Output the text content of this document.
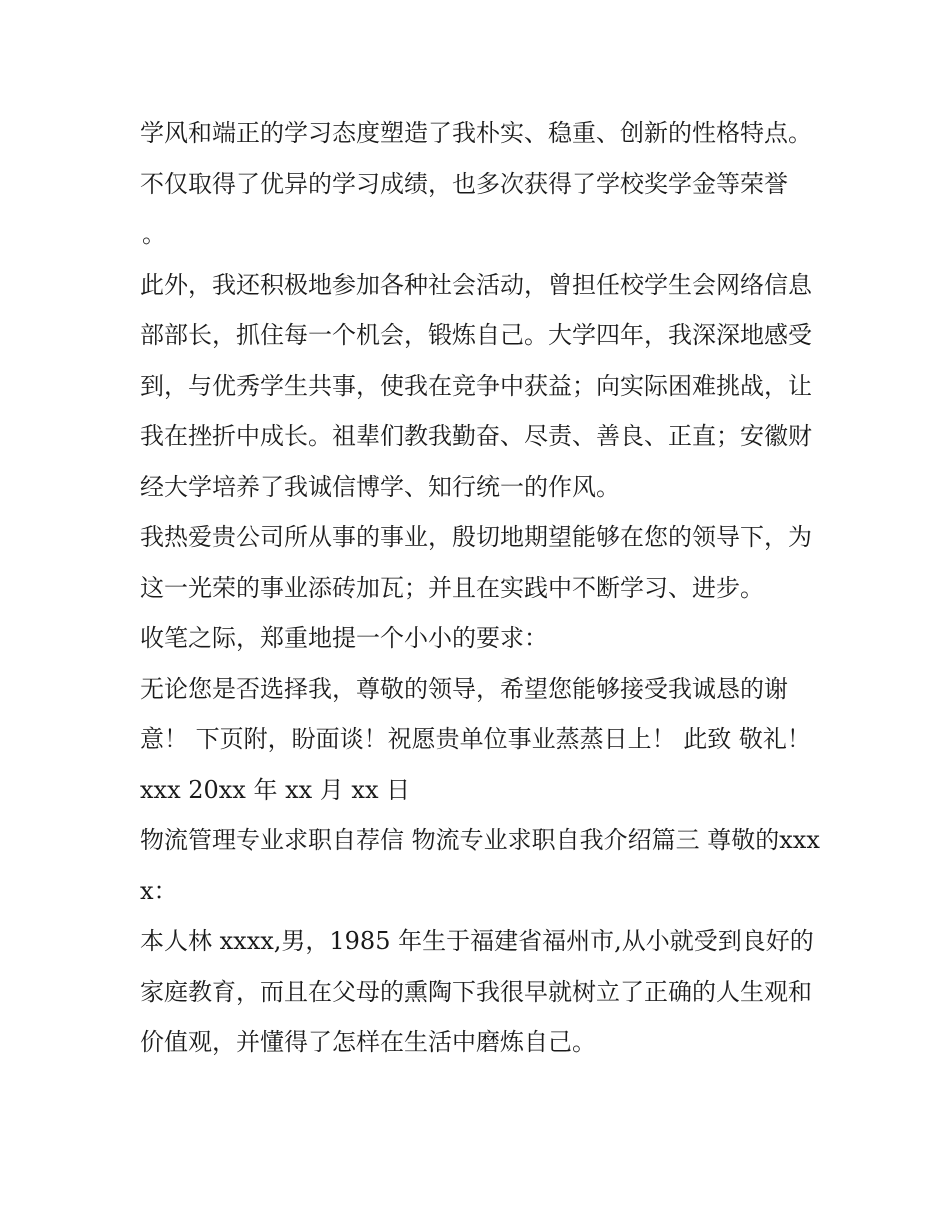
学风和端正的学习态度塑造了我朴实、稳重、创新的性格特点。不仅取得了优异的学习成绩，也多次获得了学校奖学金等荣誉

。

此外，我还积极地参加各种社会活动，曾担任校学生会网络信息部部长，抓住每一个机会，锻炼自己。大学四年，我深深地感受到，与优秀学生共事，使我在竞争中获益；向实际困难挑战，让我在挫折中成长。祖辈们教我勤奋、尽责、善良、正直；安徽财经大学培养了我诚信博学、知行统一的作风。

我热爱贵公司所从事的事业，殷切地期望能够在您的领导下，为这一光荣的事业添砖加瓦；并且在实践中不断学习、进步。

收笔之际，郑重地提一个小小的要求：

无论您是否选择我，尊敬的领导，希望您能够接受我诚恳的谢意！ 下页附，盼面谈！祝愿贵单位事业蒸蒸日上！ 此致 敬礼！ xxx 20xx 年 xx 月 xx 日

物流管理专业求职自荐信 物流专业求职自我介绍篇三 尊敬的xxxx：

本人林 xxxx,男，1985 年生于福建省福州市,从小就受到良好的家庭教育，而且在父母的熏陶下我很早就树立了正确的人生观和价值观，并懂得了怎样在生活中磨炼自己。
